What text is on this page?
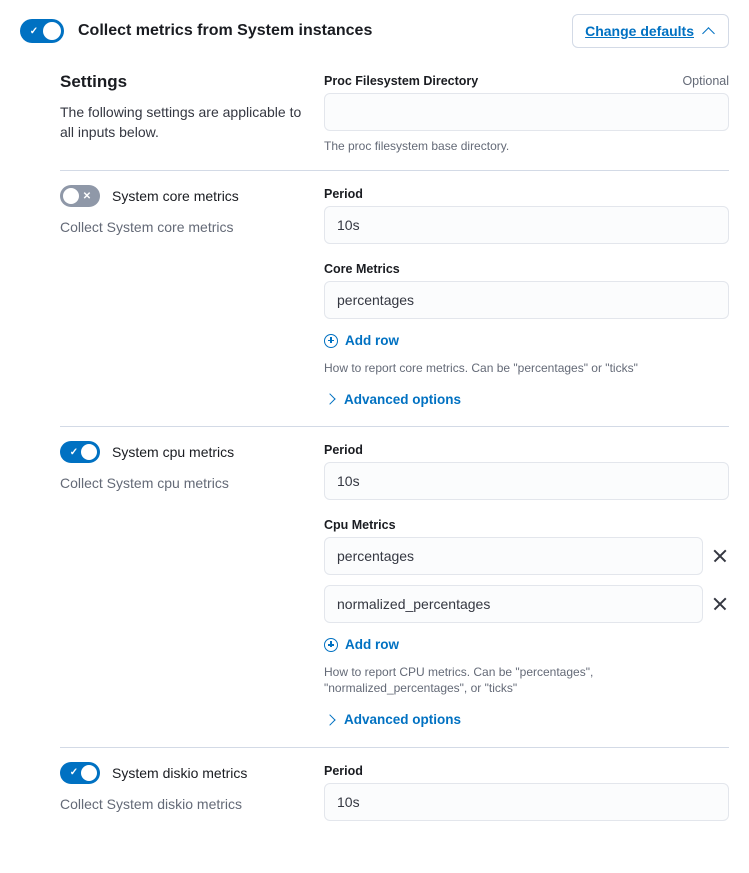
✓	Collect metrics from System instances	Change defaults
Settings
The following settings are applicable to all inputs below.
Proc Filesystem Directory	Optional
The proc filesystem base directory.
✕	System core metrics
Collect System core metrics
Period
10s
Core Metrics
percentages
Add row
How to report core metrics. Can be "percentages" or "ticks"
Advanced options
✓	System cpu metrics
Collect System cpu metrics
Period
10s
Cpu Metrics
percentages
normalized_percentages
Add row
How to report CPU metrics. Can be "percentages", "normalized_percentages", or "ticks"
Advanced options
✓	System diskio metrics
Collect System diskio metrics
Period
10s
